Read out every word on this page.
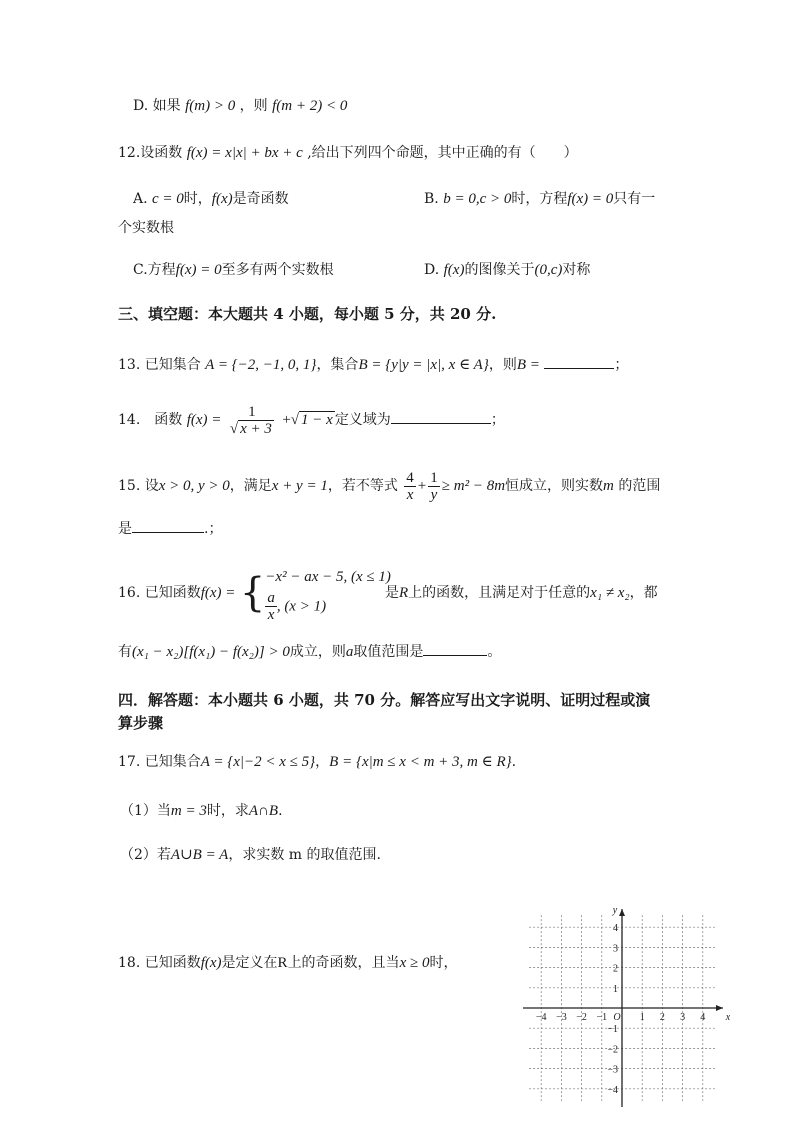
D. 如果 f(m) > 0 ，则 f(m + 2) < 0
12.设函数 f(x) = x|x| + bx + c ,给出下列四个命题，其中正确的有（　　）
A. c = 0时，f(x)是奇函数	B. b = 0,c > 0时，方程f(x) = 0只有一
个实数根
C.方程f(x) = 0至多有两个实数根	D. f(x)的图像关于(0,c)对称
三、填空题：本大题共 4 小题，每小题 5 分，共 20 分.
13. 已知集合 A = {−2, −1, 0, 1}，集合B = {y|y = |x|, x ∈ A}，则B =	；
14.　函数 $f(x) = \frac{1}{√ x + 3}$ +√ 1 − x 定义域为	；
15. 设x > 0, y > 0，满足x + y = 1，若不等式 $\frac{4}{x} + \frac{1}{y} \ge m^2 - 8m$恒成立，则实数m 的范围
是	.；
16. 已知函数f(x) = { −x² − ax − 5, (x ≤ 1)
$\frac{a}{x}$ , (x > 1)
是R上的函数，且满足对于任意的x₁ ≠ x₂，都
有(x₁ − x₂)[f(x₁) − f(x₂)] > 0成立，则a取值范围是	。
四．解答题：本小题共 6 小题，共 70 分。解答应写出文字说明、证明过程或演
算步骤
17. 已知集合A = {x|−2 < x ≤ 5}，B = {x|m ≤ x < m + 3, m ∈ R}.
（1）当m = 3时，求A∩B.
（2）若A∪B = A，求实数 m 的取值范围.
18. 已知函数f(x)是定义在R上的奇函数，且当x ≥ 0时，
−4 −3 −2 −1	1 2 3 4
4
3
2
1
−1
−2
−3
−4
O	x
y
